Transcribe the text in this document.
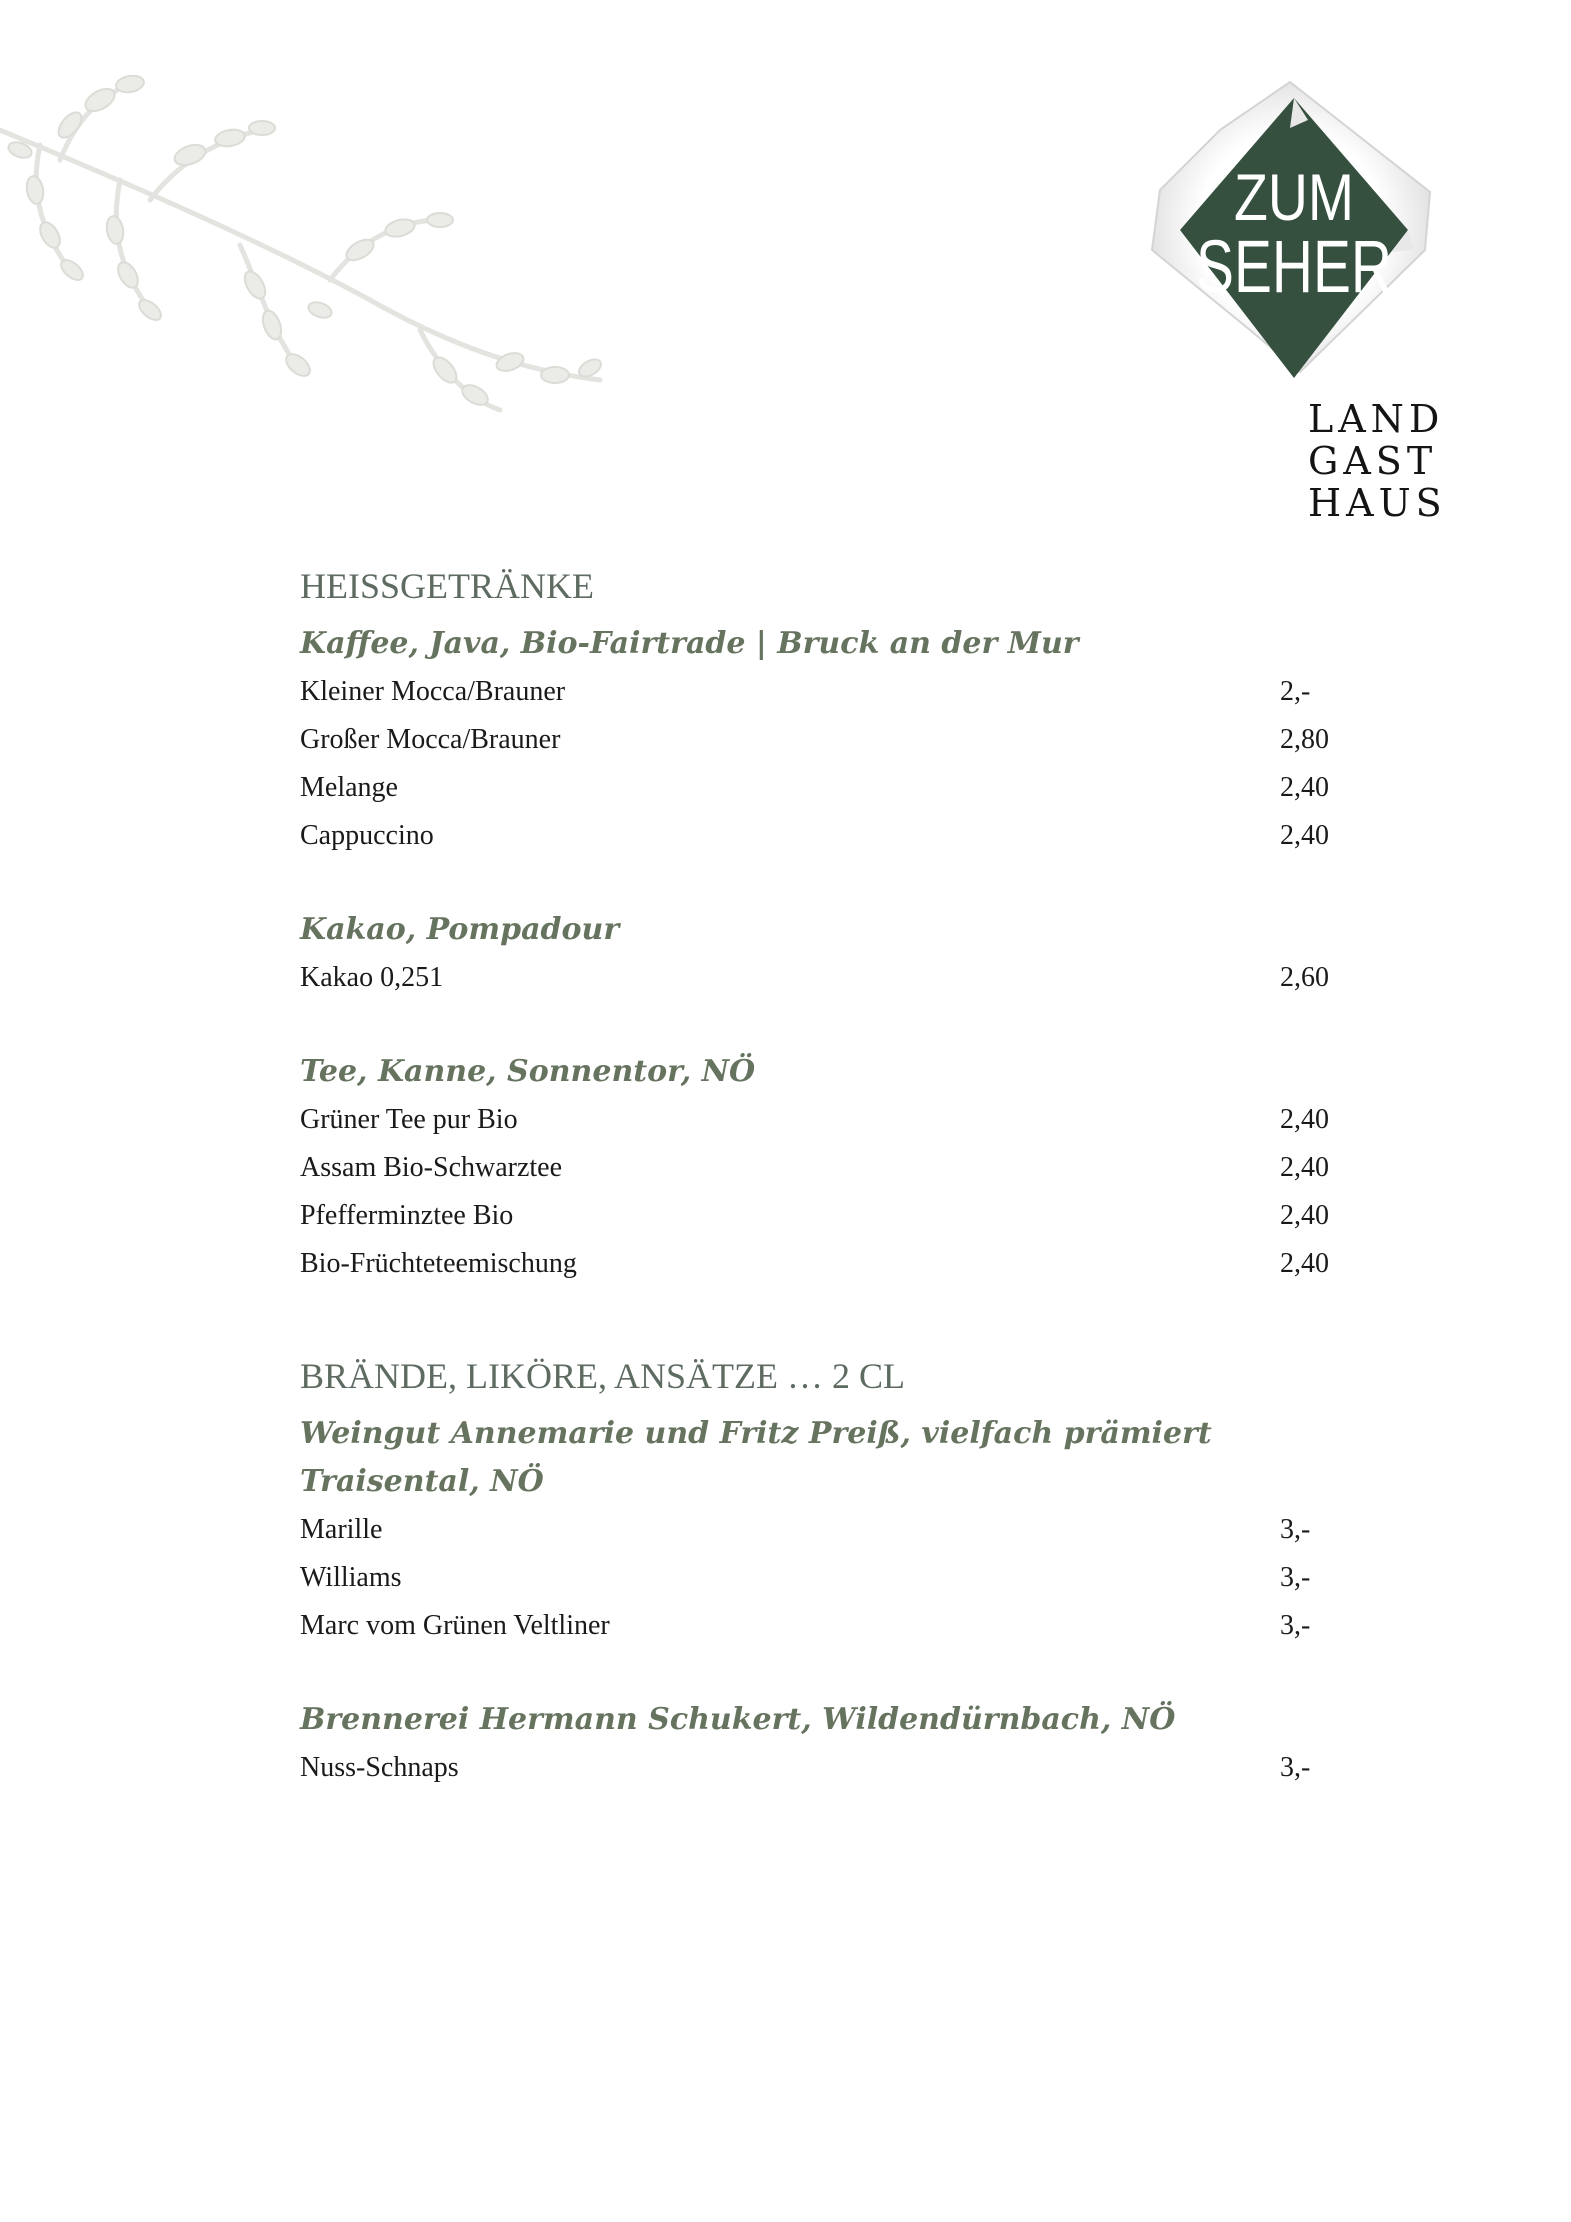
ZUM
SEHER
LAND
GAST
HAUS
HEISSGETRÄNKE
Kaffee, Java, Bio-Fairtrade | Bruck an der Mur
Kleiner Mocca/Brauner	2,-
Großer Mocca/Brauner	2,80
Melange	2,40
Cappuccino	2,40
Kakao, Pompadour
Kakao 0,251	2,60
Tee, Kanne, Sonnentor, NÖ
Grüner Tee pur Bio	2,40
Assam Bio-Schwarztee	2,40
Pfefferminztee Bio	2,40
Bio-Früchteteemischung	2,40
BRÄNDE, LIKÖRE, ANSÄTZE … 2 CL
Weingut Annemarie und Fritz Preiß, vielfach prämiert
Traisental, NÖ
Marille	3,-
Williams	3,-
Marc vom Grünen Veltliner	3,-
Brennerei Hermann Schukert, Wildendürnbach, NÖ
Nuss-Schnaps	3,-
